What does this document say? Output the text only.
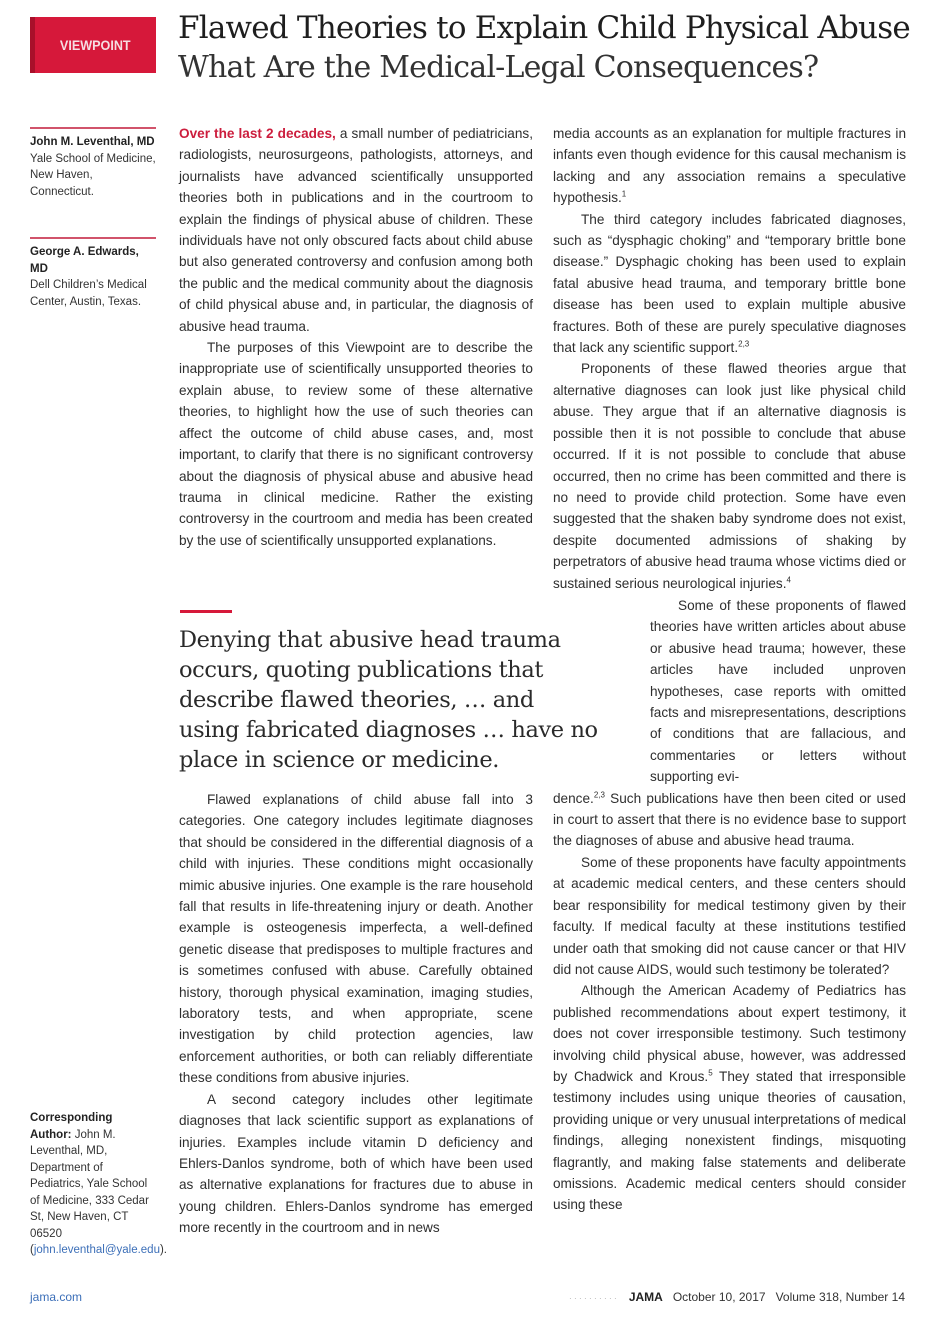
VIEWPOINT Flawed Theories to Explain Child Physical Abuse
What Are the Medical-Legal Consequences?
John M. Leventhal, MD
Yale School of Medicine, New Haven, Connecticut.
George A. Edwards, MD
Dell Children’s Medical Center, Austin, Texas.
Corresponding Author: John M. Leventhal, MD, Department of Pediatrics, Yale School of Medicine, 333 Cedar St, New Haven, CT 06520 (john.leventhal@yale.edu).

Over the last 2 decades, a small number of pediatricians, radiologists, neurosurgeons, pathologists, attorneys, and journalists have advanced scientifically unsupported theories both in publications and in the courtroom to explain the findings of physical abuse of children. These individuals have not only obscured facts about child abuse but also generated controversy and confusion among both the public and the medical community about the diagnosis of child physical abuse and, in particular, the diagnosis of abusive head trauma.

The purposes of this Viewpoint are to describe the inappropriate use of scientifically unsupported theories to explain abuse, to review some of these alternative theories, to highlight how the use of such theories can affect the outcome of child abuse cases, and, most important, to clarify that there is no significant controversy about the diagnosis of physical abuse and abusive head trauma in clinical medicine. Rather the existing controversy in the courtroom and media has been created by the use of scientifically unsupported explanations.

Denying that abusive head trauma occurs, quoting publications that describe flawed theories, … and using fabricated diagnoses … have no place in science or medicine.

Flawed explanations of child abuse fall into 3 categories. One category includes legitimate diagnoses that should be considered in the differential diagnosis of a child with injuries. These conditions might occasionally mimic abusive injuries. One example is the rare household fall that results in life-threatening injury or death. Another example is osteogenesis imperfecta, a well-defined genetic disease that predisposes to multiple fractures and is sometimes confused with abuse. Carefully obtained history, thorough physical examination, imaging studies, laboratory tests, and when appropriate, scene investigation by child protection agencies, law enforcement authorities, or both can reliably differentiate these conditions from abusive injuries.

A second category includes other legitimate diagnoses that lack scientific support as explanations of injuries. Examples include vitamin D deficiency and Ehlers-Danlos syndrome, both of which have been used as alternative explanations for fractures due to abuse in young children. Ehlers-Danlos syndrome has emerged more recently in the courtroom and in news

media accounts as an explanation for multiple fractures in infants even though evidence for this causal mechanism is lacking and any association remains a speculative hypothesis.$^1$

The third category includes fabricated diagnoses, such as “dysphagic choking” and “temporary brittle bone disease.” Dysphagic choking has been used to explain fatal abusive head trauma, and temporary brittle bone disease has been used to explain multiple abusive fractures. Both of these are purely speculative diagnoses that lack any scientific support.$^{2,3}$

Proponents of these flawed theories argue that alternative diagnoses can look just like physical child abuse. They argue that if an alternative diagnosis is possible then it is not possible to conclude that abuse occurred. If it is not possible to conclude that abuse occurred, then no crime has been committed and there is no need to provide child protection. Some have even suggested that the shaken baby syndrome does not exist, despite documented admissions of shaking by perpetrators of abusive head trauma whose victims died or sustained serious neurological injuries.$^4$

Some of these proponents of flawed theories have written articles about abuse or abusive head trauma; however, these articles have included unproven hypotheses, case reports with omitted facts and misrepresentations, descriptions of conditions that are fallacious, and commentaries or letters without supporting evi-

dence.$^{2,3}$ Such publications have then been cited or used in court to assert that there is no evidence base to support the diagnoses of abuse and abusive head trauma.

Some of these proponents have faculty appointments at academic medical centers, and these centers should bear responsibility for medical testimony given by their faculty. If medical faculty at these institutions testified under oath that smoking did not cause cancer or that HIV did not cause AIDS, would such testimony be tolerated?

Although the American Academy of Pediatrics has published recommendations about expert testimony, it does not cover irresponsible testimony. Such testimony involving child physical abuse, however, was addressed by Chadwick and Krous.$^5$ They stated that irresponsible testimony includes using unique theories of causation, providing unique or very unusual interpretations of medical findings, alleging nonexistent findings, misquoting flagrantly, and making false statements and deliberate omissions. Academic medical centers should consider using these

jama.com	·········· JAMA October 10, 2017 Volume 318, Number 14
